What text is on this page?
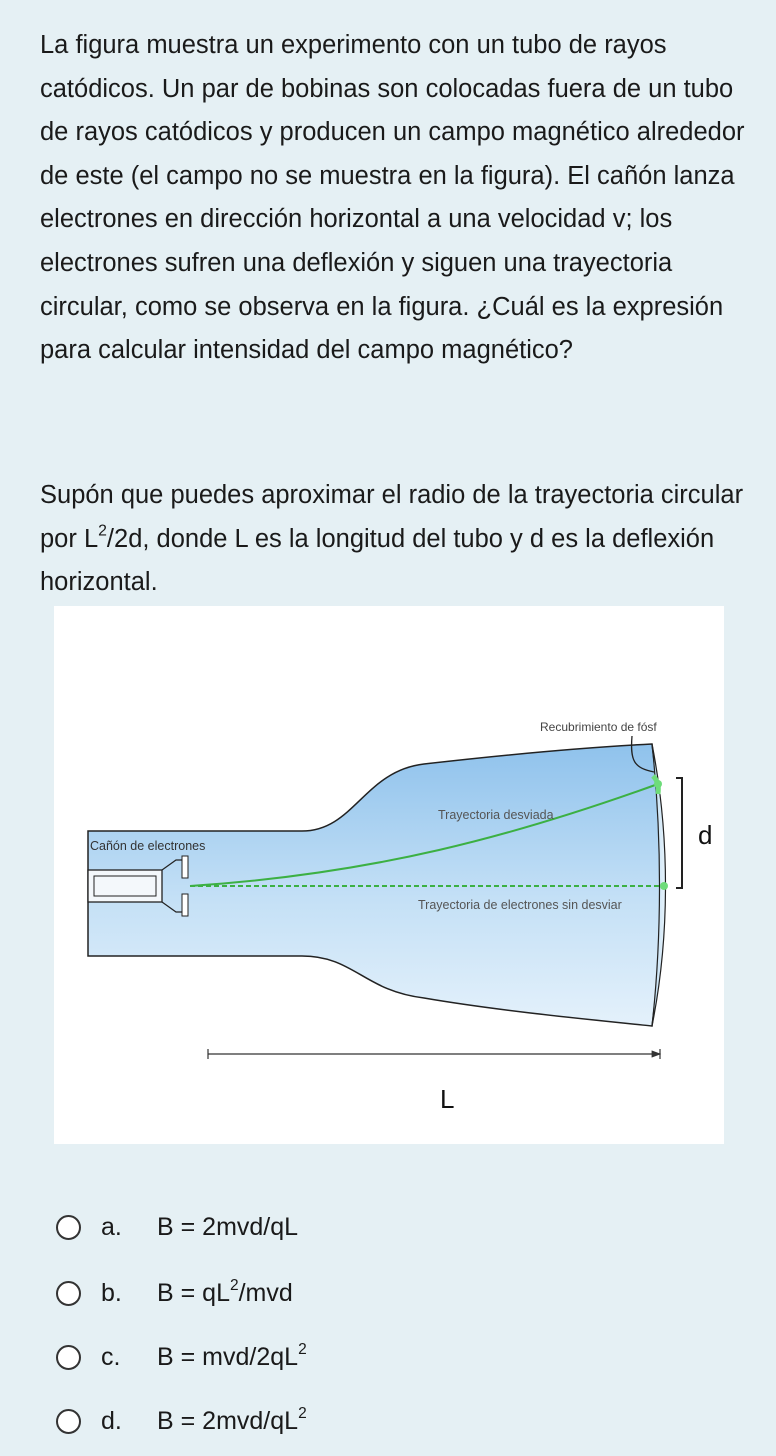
La figura muestra un experimento con un tubo de rayos catódicos. Un par de bobinas son colocadas fuera de un tubo de rayos catódicos y producen un campo magnético alrededor de este (el campo no se muestra en la figura). El cañón lanza electrones en dirección horizontal a una velocidad v; los electrones sufren una deflexión y siguen una trayectoria circular, como se observa en la figura. ¿Cuál es la expresión para calcular intensidad del campo magnético?

Supón que puedes aproximar el radio de la trayectoria circular por $L^2/2d$, donde L es la longitud del tubo y d es la deflexión horizontal.

Recubrimiento de fósf
Trayectoria desviada
Cañón de electrones
Trayectoria de electrones sin desviar
d
L
a.	B = 2mvd/qL
b.	$B = qL^2$/mvd
c.	B = mvd/$2qL^2$
d.	$B = 2mvd/qL^2$
